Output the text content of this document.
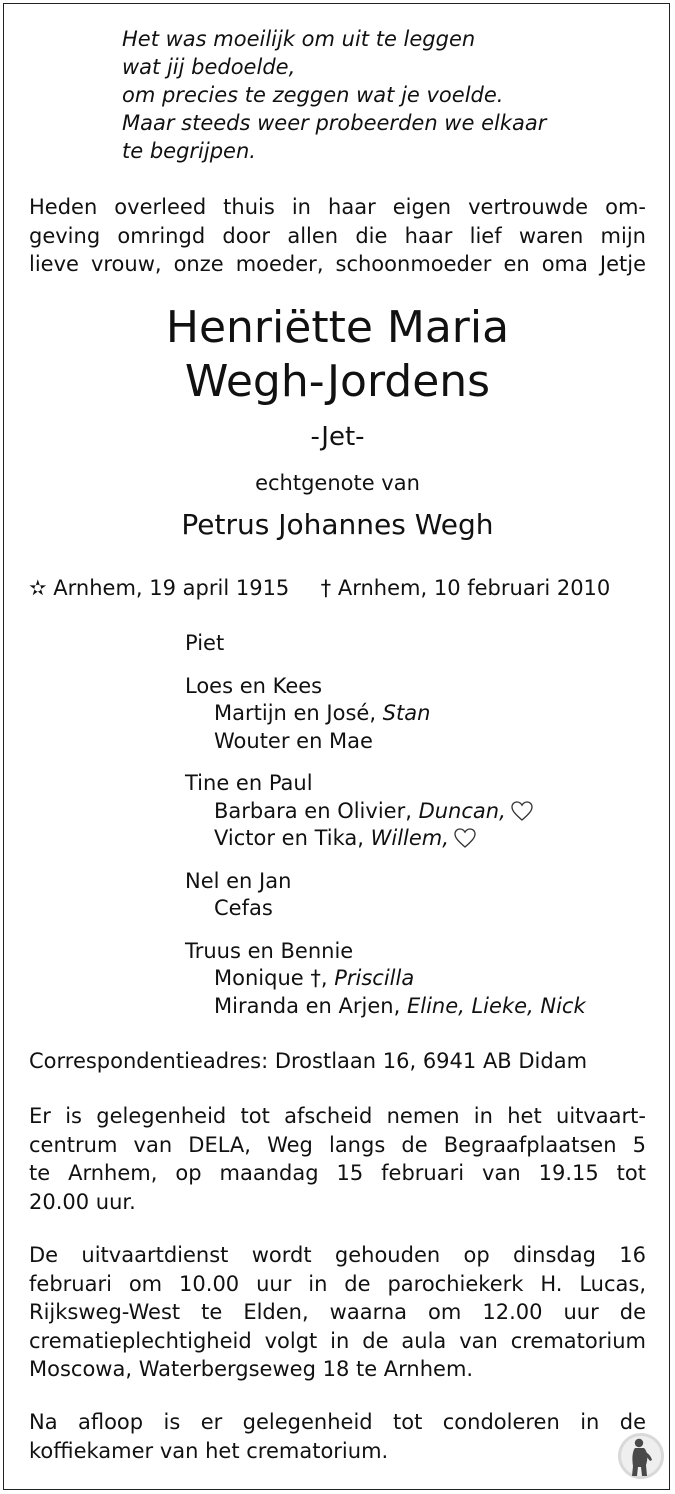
Het was moeilijk om uit te leggen
wat jij bedoelde,
om precies te zeggen wat je voelde.
Maar steeds weer probeerden we elkaar
te begrijpen.
Heden overleed thuis in haar eigen vertrouwde om-
geving omringd door allen die haar lief waren mijn
lieve vrouw, onze moeder, schoonmoeder en oma Jetje
Henriëtte Maria
Wegh-Jordens
-Jet-
echtgenote van
Petrus Johannes Wegh
✫ Arnhem, 19 april 1915 † Arnhem, 10 februari 2010
Piet
Loes en Kees
Martijn en José, Stan
Wouter en Mae
Tine en Paul
Barbara en Olivier, Duncan,
Victor en Tika, Willem,
Nel en Jan
Cefas
Truus en Bennie
Monique †, Priscilla
Miranda en Arjen, Eline, Lieke, Nick
Correspondentieadres: Drostlaan 16, 6941 AB Didam
Er is gelegenheid tot afscheid nemen in het uitvaart-
centrum van DELA, Weg langs de Begraafplaatsen 5
te Arnhem, op maandag 15 februari van 19.15 tot
20.00 uur.
De uitvaartdienst wordt gehouden op dinsdag 16
februari om 10.00 uur in de parochiekerk H. Lucas,
Rijksweg-West te Elden, waarna om 12.00 uur de
crematieplechtigheid volgt in de aula van crematorium
Moscowa, Waterbergseweg 18 te Arnhem.
Na afloop is er gelegenheid tot condoleren in de
koffiekamer van het crematorium.
